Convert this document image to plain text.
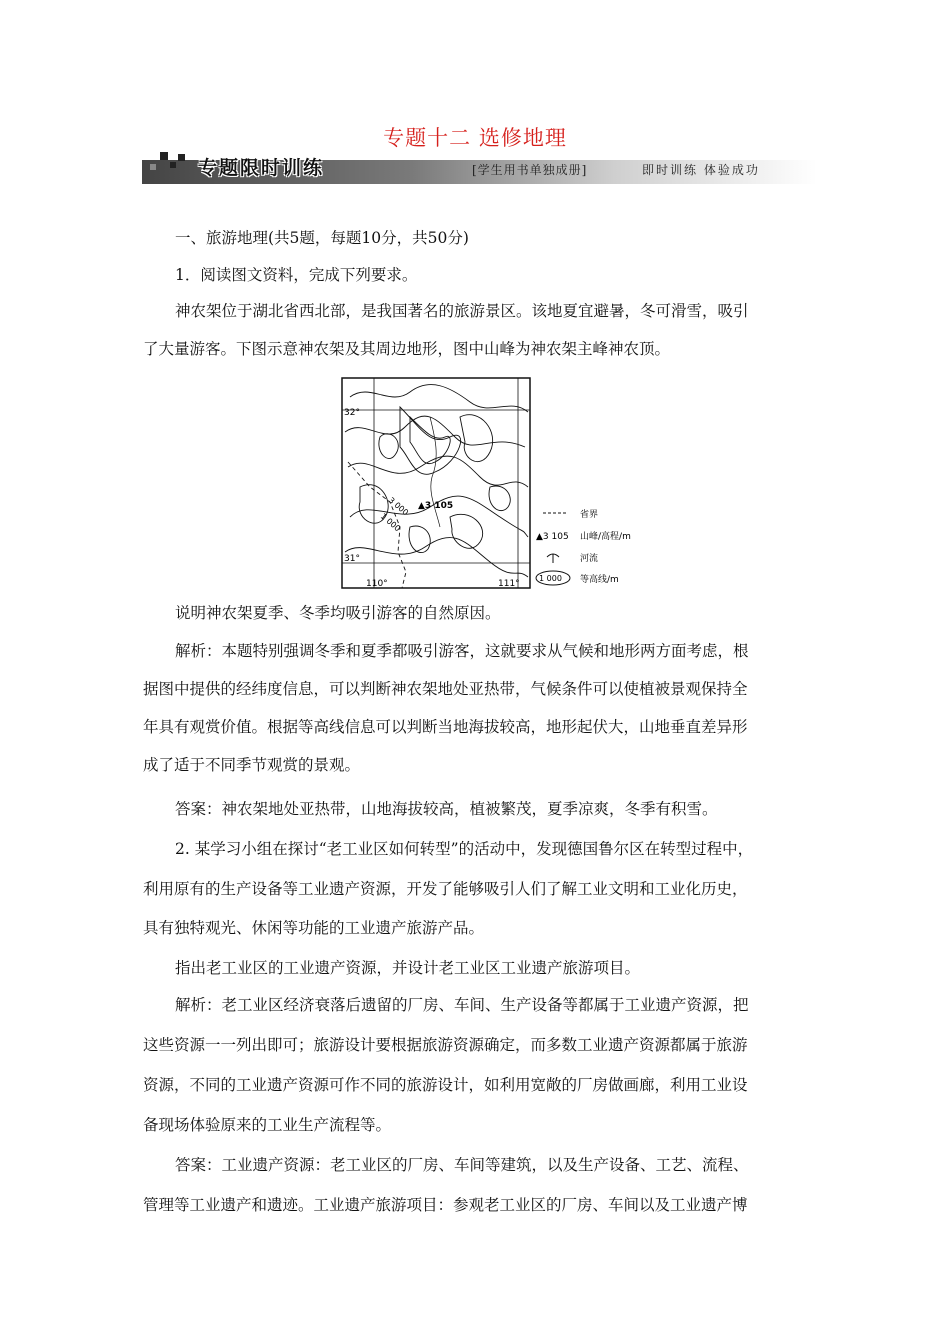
专题十二 选修地理
专题限时训练	[学生用书单独成册]	即时训练 体验成功
一、旅游地理(共5题，每题10分，共50分)
1．阅读图文资料，完成下列要求。
神农架位于湖北省西北部，是我国著名的旅游景区。该地夏宜避暑，冬可滑雪，吸引
了大量游客。下图示意神农架及其周边地形，图中山峰为神农架主峰神农顶。
32°
31°
110°	111°
▲3 105
3 000
1 000	省界
▲3 105 山峰/高程/m
河流
1 000 等高线/m
说明神农架夏季、冬季均吸引游客的自然原因。
解析：本题特别强调冬季和夏季都吸引游客，这就要求从气候和地形两方面考虑，根
据图中提供的经纬度信息，可以判断神农架地处亚热带，气候条件可以使植被景观保持全
年具有观赏价值。根据等高线信息可以判断当地海拔较高，地形起伏大，山地垂直差异形
成了适于不同季节观赏的景观。
答案：神农架地处亚热带，山地海拔较高，植被繁茂，夏季凉爽，冬季有积雪。
2. 某学习小组在探讨“老工业区如何转型”的活动中，发现德国鲁尔区在转型过程中，
利用原有的生产设备等工业遗产资源，开发了能够吸引人们了解工业文明和工业化历史，
具有独特观光、休闲等功能的工业遗产旅游产品。
指出老工业区的工业遗产资源，并设计老工业区工业遗产旅游项目。
解析：老工业区经济衰落后遗留的厂房、车间、生产设备等都属于工业遗产资源，把
这些资源一一列出即可；旅游设计要根据旅游资源确定，而多数工业遗产资源都属于旅游
资源，不同的工业遗产资源可作不同的旅游设计，如利用宽敞的厂房做画廊，利用工业设
备现场体验原来的工业生产流程等。
答案：工业遗产资源：老工业区的厂房、车间等建筑，以及生产设备、工艺、流程、
管理等工业遗产和遗迹。工业遗产旅游项目：参观老工业区的厂房、车间以及工业遗产博
